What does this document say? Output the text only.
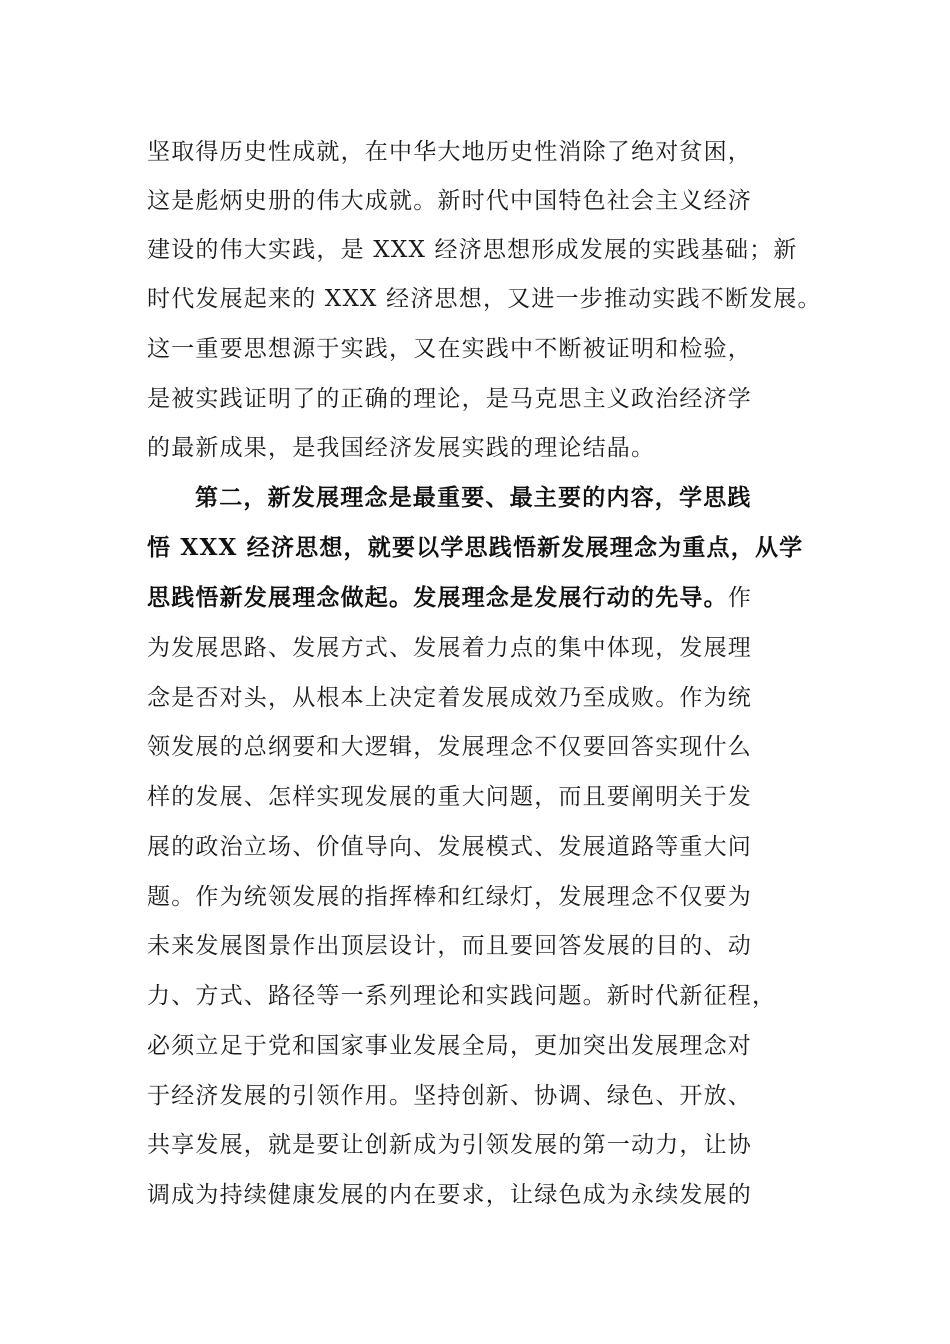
坚取得历史性成就，在中华大地历史性消除了绝对贫困，
这是彪炳史册的伟大成就。新时代中国特色社会主义经济
建设的伟大实践，是 XXX 经济思想形成发展的实践基础；新
时代发展起来的 XXX 经济思想，又进一步推动实践不断发展。
这一重要思想源于实践，又在实践中不断被证明和检验，
是被实践证明了的正确的理论，是马克思主义政治经济学
的最新成果，是我国经济发展实践的理论结晶。
第二，新发展理念是最重要、最主要的内容，学思践
悟 XXX 经济思想，就要以学思践悟新发展理念为重点，从学
思践悟新发展理念做起。发展理念是发展行动的先导。作
为发展思路、发展方式、发展着力点的集中体现，发展理
念是否对头，从根本上决定着发展成效乃至成败。作为统
领发展的总纲要和大逻辑，发展理念不仅要回答实现什么
样的发展、怎样实现发展的重大问题，而且要阐明关于发
展的政治立场、价值导向、发展模式、发展道路等重大问
题。作为统领发展的指挥棒和红绿灯，发展理念不仅要为
未来发展图景作出顶层设计，而且要回答发展的目的、动
力、方式、路径等一系列理论和实践问题。新时代新征程，
必须立足于党和国家事业发展全局，更加突出发展理念对
于经济发展的引领作用。坚持创新、协调、绿色、开放、
共享发展，就是要让创新成为引领发展的第一动力，让协
调成为持续健康发展的内在要求，让绿色成为永续发展的
